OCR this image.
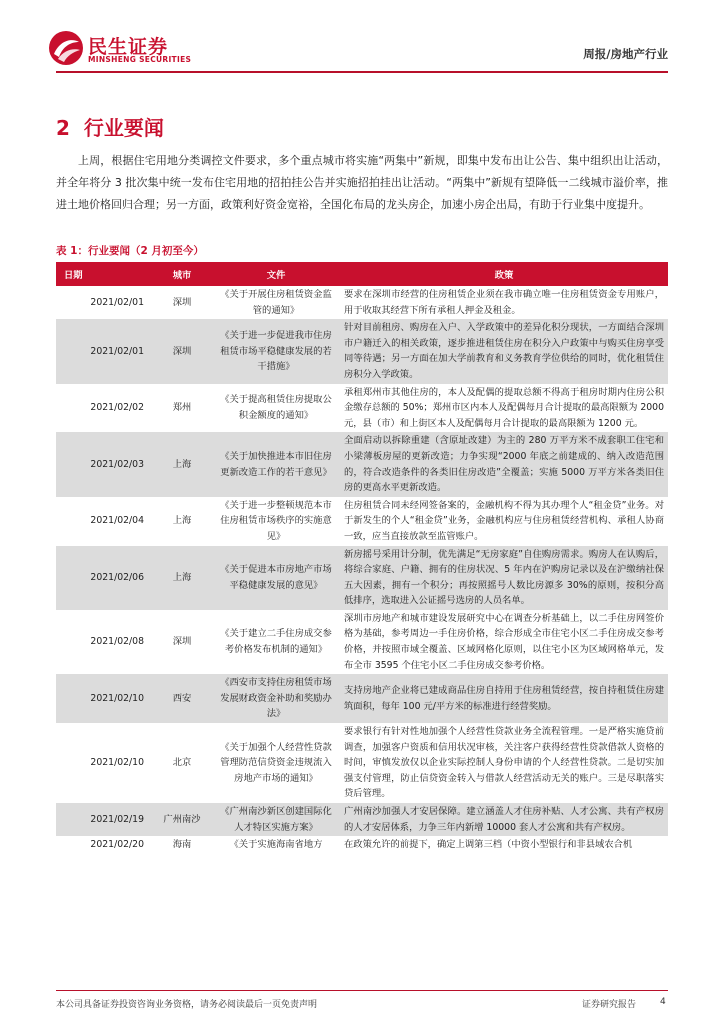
民生证券
MINSHENG SECURITIES	周报/房地产行业
2 行业要闻

上周，根据住宅用地分类调控文件要求，多个重点城市将实施“两集中”新规，即集中发布出让公告、集中组织出让活动，并全年将分 3 批次集中统一发布住宅用地的招拍挂公告并实施招拍挂出让活动。“两集中”新规有望降低一二线城市溢价率，推进土地价格回归合理；另一方面，政策利好资金宽裕，全国化布局的龙头房企，加速小房企出局，有助于行业集中度提升。

表 1：行业要闻（2 月初至今）
日期	城市	文件	政策
2021/02/01	深圳	《关于开展住房租赁资金监管的通知》	要求在深圳市经营的住房租赁企业须在我市确立唯一住房租赁资金专用账户，用于收取其经营下所有承租人押金及租金。
2021/02/01	深圳	《关于进一步促进我市住房租赁市场平稳健康发展的若干措施》	针对目前租房、购房在入户、入学政策中的差异化积分现状，一方面结合深圳市户籍迁入的相关政策，逐步推进租赁住房在积分入户政策中与购买住房享受同等待遇；另一方面在加大学前教育和义务教育学位供给的同时，优化租赁住房积分入学政策。
2021/02/02	郑州	《关于提高租赁住房提取公积金额度的通知》	承租郑州市其他住房的，本人及配偶的提取总额不得高于租房时期内住房公积金缴存总额的 50%；郑州市区内本人及配偶每月合计提取的最高限额为 2000 元，县（市）和上街区本人及配偶每月合计提取的最高限额为 1200 元。
2021/02/03	上海	《关于加快推进本市旧住房更新改造工作的若干意见》	全面启动以拆除重建（含原址改建）为主的 280 万平方米不成套职工住宅和小梁薄板房屋的更新改造；力争实现“2000 年底之前建成的、纳入改造范围的，符合改造条件的各类旧住房改造”全覆盖；实施 5000 万平方米各类旧住房的更高水平更新改造。
2021/02/04	上海	《关于进一步整顿规范本市住房租赁市场秩序的实施意见》	住房租赁合同未经网签备案的，金融机构不得为其办理个人“租金贷”业务。对于新发生的个人“租金贷”业务，金融机构应与住房租赁经营机构、承租人协商一致，应当直接放款至监管账户。
2021/02/06	上海	《关于促进本市房地产市场平稳健康发展的意见》	新房摇号采用计分制，优先满足“无房家庭”自住购房需求。购房人在认购后，将综合家庭、户籍、拥有的住房状况、5 年内在沪购房记录以及在沪缴纳社保五大因素，拥有一个积分；再按照摇号人数比房源多 30%的原则，按积分高低排序，选取进入公证摇号选房的人员名单。
2021/02/08	深圳	《关于建立二手住房成交参考价格发布机制的通知》	深圳市房地产和城市建设发展研究中心在调查分析基础上，以二手住房网签价格为基础，参考周边一手住房价格，综合形成全市住宅小区二手住房成交参考价格，并按照市域全覆盖、区域网格化原则，以住宅小区为区域网格单元，发布全市 3595 个住宅小区二手住房成交参考价格。
2021/02/10	西安	《西安市支持住房租赁市场发展财政资金补助和奖励办法》	支持房地产企业将已建成商品住房自持用于住房租赁经营，按自持租赁住房建筑面积，每年 100 元/平方米的标准进行经营奖励。
2021/02/10	北京	《关于加强个人经营性贷款管理防范信贷资金违规流入房地产市场的通知》	要求银行有针对性地加强个人经营性贷款业务全流程管理。一是严格实施贷前调查，加强客户资质和信用状况审核，关注客户获得经营性贷款借款人资格的时间，审慎发放仅以企业实际控制人身份申请的个人经营性贷款。二是切实加强支付管理，防止信贷资金转入与借款人经营活动无关的账户。三是尽职落实贷后管理。
2021/02/19	广州南沙	《广州南沙新区创建国际化人才特区实施方案》	广州南沙加强人才安居保障。建立涵盖人才住房补贴、人才公寓、共有产权房的人才安居体系，力争三年内新增 10000 套人才公寓和共有产权房。
2021/02/20	海南	《关于实施海南省地方	在政策允许的前提下，确定上调第三档（中资小型银行和非县域农合机
本公司具备证券投资咨询业务资格，请务必阅读最后一页免责声明	证券研究报告	4
